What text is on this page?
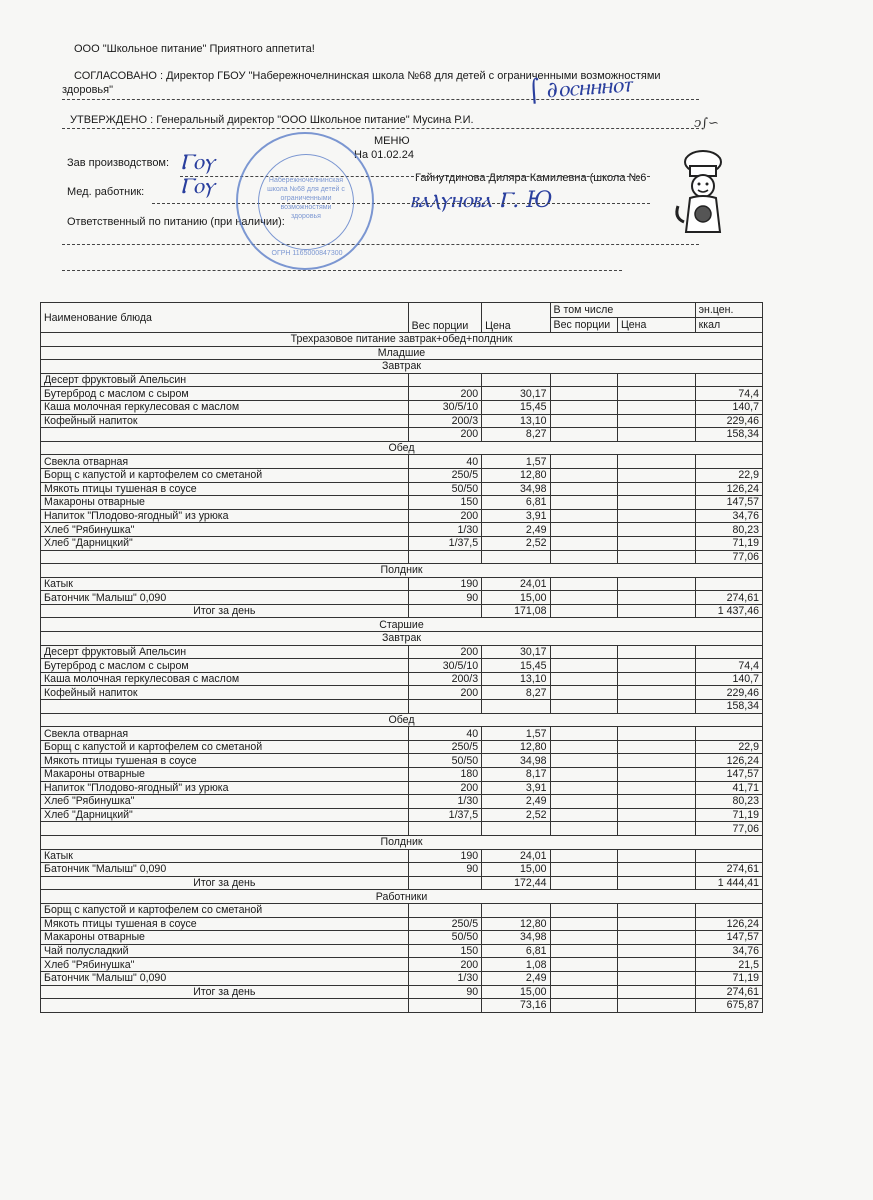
ООО "Школьное питание" Приятного аппетита!
СОГЛАСОВАНО : Директор ГБОУ "Набережночелнинская школа №68 для детей с ограниченными возможностями
здоровья"	⌠ ∂ⲟⲥⲏⲏⲏⲟⲧ
УТВЕРЖДЕНО : Генеральный директор "ООО Школьное питание" Мусина Р.И.	ↄ∫∽
МЕНЮ
На 01.02.24
Зав производством: Ⲅⲟⲩ
Гайнутдинова Диляра Камилевна (школа №6
Мед. работник: Ⲅⲟⲩ
ⲃⲁⲗⲩⲏⲟⲃⲁ Ⲅ. Ю
Ответственный по питанию (при наличии):
Набережночелнинская школа №68 для детей с ограниченными возможностями здоровья
ОГРН 1165000847300
Наименование блюда	Вес порции	Цена	В том числе		эн.цен.
			Вес порции	Цена	ккал
Трехразовое питание завтрак+обед+полдник					
Младшие					
Завтрак					
Десерт фруктовый Апельсин					
Бутерброд с маслом с сыром	200	30,17			74,4
Каша молочная геркулесовая с маслом	30/5/10	15,45			140,7
Кофейный напиток	200/3	13,10			229,46
	200	8,27			158,34
Обед					
Свекла отварная	40	1,57			
Борщ с капустой и картофелем со сметаной	250/5	12,80			22,9
Мякоть птицы тушеная в соусе	50/50	34,98			126,24
Макароны отварные	150	6,81			147,57
Напиток "Плодово-ягодный" из урюка	200	3,91			34,76
Хлеб "Рябинушка"	1/30	2,49			80,23
Хлеб "Дарницкий"	1/37,5	2,52			71,19
					77,06
Полдник					
Катык	190	24,01			
Батончик "Малыш" 0,090	90	15,00			274,61
Итог за день		171,08			1 437,46
Старшие					
Завтрак					
Десерт фруктовый Апельсин	200	30,17			
Бутерброд с маслом с сыром	30/5/10	15,45			74,4
Каша молочная геркулесовая с маслом	200/3	13,10			140,7
Кофейный напиток	200	8,27			229,46
					158,34
Обед					
Свекла отварная	40	1,57			
Борщ с капустой и картофелем со сметаной	250/5	12,80			22,9
Мякоть птицы тушеная в соусе	50/50	34,98			126,24
Макароны отварные	180	8,17			147,57
Напиток "Плодово-ягодный" из урюка	200	3,91			41,71
Хлеб "Рябинушка"	1/30	2,49			80,23
Хлеб "Дарницкий"	1/37,5	2,52			71,19
					77,06
Полдник					
Катык	190	24,01			
Батончик "Малыш" 0,090	90	15,00			274,61
Итог за день		172,44			1 444,41
Работники					
Борщ с капустой и картофелем со сметаной					
Мякоть птицы тушеная в соусе	250/5	12,80			126,24
Макароны отварные	50/50	34,98			147,57
Чай полусладкий	150	6,81			34,76
Хлеб "Рябинушка"	200	1,08			21,5
Батончик "Малыш" 0,090	1/30	2,49			71,19
Итог за день	90	15,00			274,61
		73,16			675,87
